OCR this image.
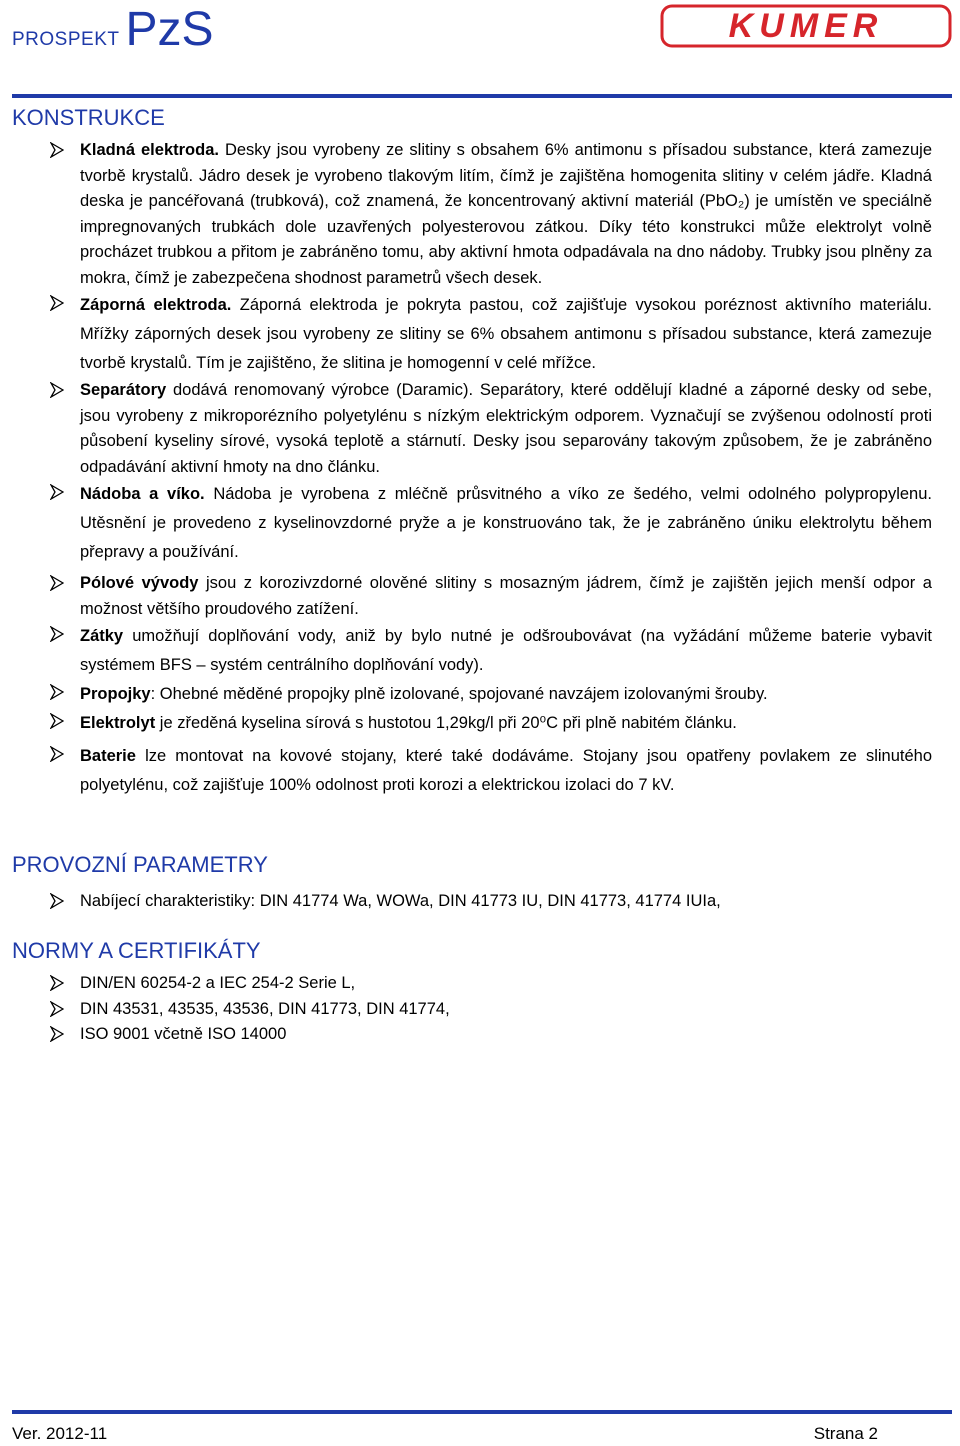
PROSPEKT PzS	KUMER
KONSTRUKCE
Kladná elektroda. Desky jsou vyrobeny ze slitiny s obsahem 6% antimonu s přísadou substance, která zamezuje tvorbě krystalů. Jádro desek je vyrobeno tlakovým litím, čímž je zajištěna homogenita slitiny v celém jádře. Kladná deska je pancéřovaná (trubková), což znamená, že koncentrovaný aktivní materiál (PbO₂) je umístěn ve speciálně impregnovaných trubkách dole uzavřených polyesterovou zátkou. Díky této konstrukci může elektrolyt volně procházet trubkou a přitom je zabráněno tomu, aby aktivní hmota odpadávala na dno nádoby. Trubky jsou plněny za mokra, čímž je zabezpečena shodnost parametrů všech desek.
Záporná elektroda. Záporná elektroda je pokryta pastou, což zajišťuje vysokou poréznost aktivního materiálu. Mřížky záporných desek jsou vyrobeny ze slitiny se 6% obsahem antimonu s přísadou substance, která zamezuje tvorbě krystalů. Tím je zajištěno, že slitina je homogenní v celé mřížce.
Separátory dodává renomovaný výrobce (Daramic). Separátory, které oddělují kladné a záporné desky od sebe, jsou vyrobeny z mikroporézního polyetylénu s nízkým elektrickým odporem. Vyznačují se zvýšenou odolností proti působení kyseliny sírové, vysoká teplotě a stárnutí. Desky jsou separovány takovým způsobem, že je zabráněno odpadávání aktivní hmoty na dno článku.
Nádoba a víko. Nádoba je vyrobena z mléčně průsvitného a víko ze šedého, velmi odolného polypropylenu. Utěsnění je provedeno z kyselinovzdorné pryže a je konstruováno tak, že je zabráněno úniku elektrolytu během přepravy a používání.
Pólové vývody jsou z korozivzdorné olověné slitiny s mosazným jádrem, čímž je zajištěn jejich menší odpor a možnost většího proudového zatížení.
Zátky umožňují doplňování vody, aniž by bylo nutné je odšroubovávat (na vyžádání můžeme baterie vybavit systémem BFS – systém centrálního doplňování vody).
Propojky: Ohebné měděné propojky plně izolované, spojované navzájem izolovanými šrouby.
Elektrolyt je zředěná kyselina sírová s hustotou 1,29kg/l při 20⁰C při plně nabitém článku.
Baterie lze montovat na kovové stojany, které také dodáváme. Stojany jsou opatřeny povlakem ze slinutého polyetylénu, což zajišťuje 100% odolnost proti korozi a elektrickou izolaci do 7 kV.
PROVOZNÍ PARAMETRY
Nabíjecí charakteristiky: DIN 41774 Wa, WOWa, DIN 41773 IU, DIN 41773, 41774 IUIa,
NORMY A CERTIFIKÁTY
DIN/EN 60254-2 a IEC 254-2 Serie L,
DIN 43531, 43535, 43536, DIN 41773, DIN 41774,
ISO 9001 včetně ISO 14000
Ver. 2012-11	Strana 2
